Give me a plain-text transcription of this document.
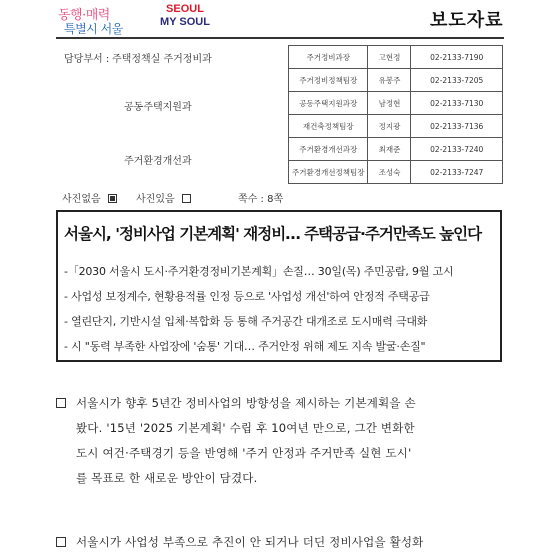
동행·매력
특별시 서울
SEOUL
MY SOUL	보도자료
담당부서 : 주택정책실 주거정비과
공동주택지원과
주거환경개선과
주거정비과장	고현정	02-2133-7190
주거정비정책팀장	유봉주	02-2133-7205
공동주택지원과장	남정현	02-2133-7130
재건축정책팀장	정지광	02-2133-7136
주거환경개선과장	최재준	02-2133-7240
주거환경개선정책팀장	조성숙	02-2133-7247
사진없음	사진있음	쪽수 : 8쪽
서울시, '정비사업 기본계획' 재정비… 주택공급·주거만족도 높인다
-「2030 서울시 도시·주거환경정비기본계획」손질… 30일(목) 주민공람, 9월 고시
- 사업성 보정계수, 현황용적률 인정 등으로 '사업성 개선'하여 안정적 주택공급
- 열린단지, 기반시설 입체·복합화 등 통해 주거공간 대개조로 도시매력 극대화
- 시 "동력 부족한 사업장에 '숨통' 기대… 주거안정 위해 제도 지속 발굴·손질"
서울시가 향후 5년간 정비사업의 방향성을 제시하는 기본계획을 손
봤다. '15년 '2025 기본계획' 수립 후 10여년 만으로, 그간 변화한
도시 여건·주택경기 등을 반영해 '주거 안정과 주거만족 실현 도시'
를 목표로 한 새로운 방안이 담겼다.
서울시가 사업성 부족으로 추진이 안 되거나 더딘 정비사업을 활성화
